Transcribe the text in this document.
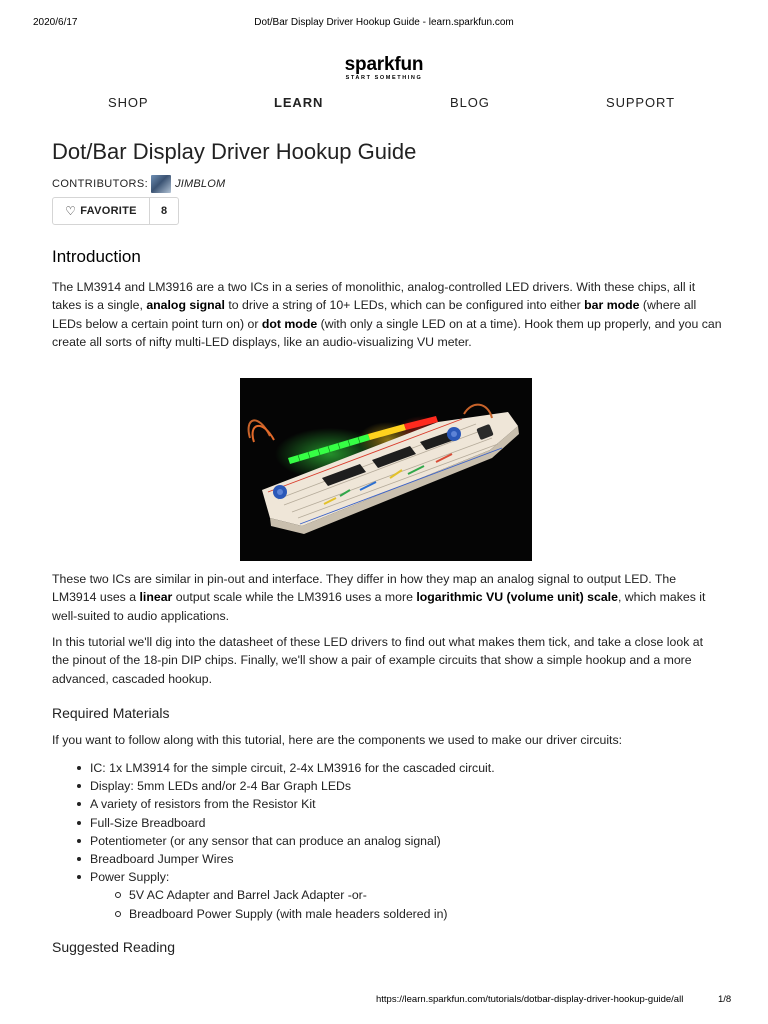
2020/6/17	Dot/Bar Display Driver Hookup Guide - learn.sparkfun.com
sparkfun
START SOMETHING
SHOP	LEARN	BLOG	SUPPORT
Dot/Bar Display Driver Hookup Guide
CONTRIBUTORS: JIMBLOM
♡ FAVORITE	8
Introduction

The LM3914 and LM3916 are a two ICs in a series of monolithic, analog-controlled LED drivers. With these chips, all it takes is a single, analog signal to drive a string of 10+ LEDs, which can be configured into either bar mode (where all LEDs below a certain point turn on) or dot mode (with only a single LED on at a time). Hook them up properly, and you can create all sorts of nifty multi-LED displays, like an audio-visualizing VU meter.

These two ICs are similar in pin-out and interface. They differ in how they map an analog signal to output LED. The LM3914 uses a linear output scale while the LM3916 uses a more logarithmic VU (volume unit) scale, which makes it well-suited to audio applications.

In this tutorial we'll dig into the datasheet of these LED drivers to find out what makes them tick, and take a close look at the pinout of the 18-pin DIP chips. Finally, we'll show a pair of example circuits that show a simple hookup and a more advanced, cascaded hookup.

Required Materials

If you want to follow along with this tutorial, here are the components we used to make our driver circuits:

IC: 1x LM3914 for the simple circuit, 2-4x LM3916 for the cascaded circuit.
Display: 5mm LEDs and/or 2-4 Bar Graph LEDs
A variety of resistors from the Resistor Kit
Full-Size Breadboard
Potentiometer (or any sensor that can produce an analog signal)
Breadboard Jumper Wires
Power Supply:
5V AC Adapter and Barrel Jack Adapter -or-
Breadboard Power Supply (with male headers soldered in)
Suggested Reading
https://learn.sparkfun.com/tutorials/dotbar-display-driver-hookup-guide/all	1/8
